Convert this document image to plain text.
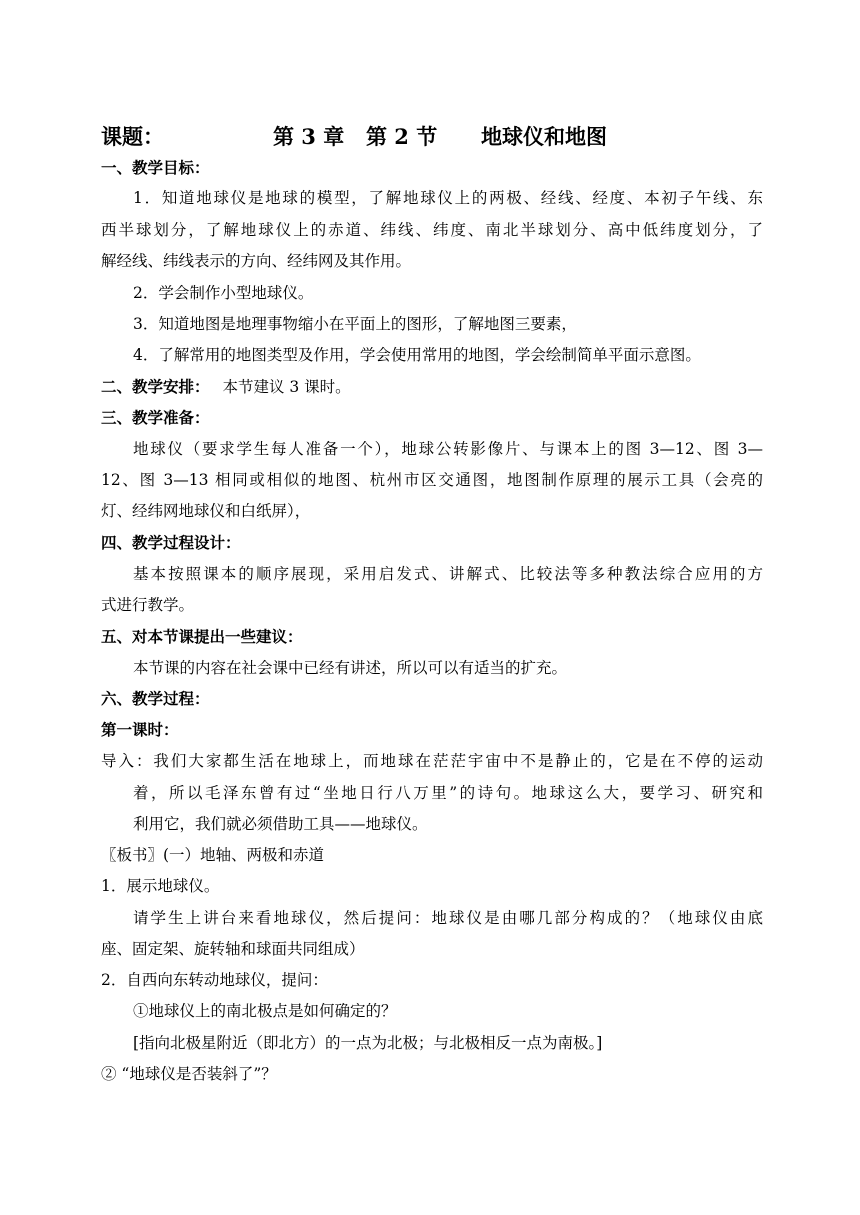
课题：	第 3 章 第 2 节 地球仪和地图
一、教学目标：
1．知道地球仪是地球的模型，了解地球仪上的两极、经线、经度、本初子午线、东
西半球划分，了解地球仪上的赤道、纬线、纬度、南北半球划分、高中低纬度划分，了
解经线、纬线表示的方向、经纬网及其作用。
2．学会制作小型地球仪。
3．知道地图是地理事物缩小在平面上的图形，了解地图三要素，
4．了解常用的地图类型及作用，学会使用常用的地图，学会绘制简单平面示意图。
二、教学安排： 本节建议 3 课时。
三、教学准备：
地球仪（要求学生每人准备一个），地球公转影像片、与课本上的图 3—12、图 3—
12、图 3—13 相同或相似的地图、杭州市区交通图，地图制作原理的展示工具（会亮的
灯、经纬网地球仪和白纸屏），
四、教学过程设计：
基本按照课本的顺序展现，采用启发式、讲解式、比较法等多种教法综合应用的方
式进行教学。
五、对本节课提出一些建议：
本节课的内容在社会课中已经有讲述，所以可以有适当的扩充。
六、教学过程：
第一课时：
导入：我们大家都生活在地球上，而地球在茫茫宇宙中不是静止的，它是在不停的运动
着，所以毛泽东曾有过“坐地日行八万里”的诗句。地球这么大，要学习、研究和
利用它，我们就必须借助工具——地球仪。
〖板书〗(一）地轴、两极和赤道
1．展示地球仪。
请学生上讲台来看地球仪，然后提问：地球仪是由哪几部分构成的？（地球仪由底
座、固定架、旋转轴和球面共同组成）
2．自西向东转动地球仪，提问：
①地球仪上的南北极点是如何确定的？
[指向北极星附近（即北方）的一点为北极；与北极相反一点为南极。]
② “地球仪是否装斜了”？
